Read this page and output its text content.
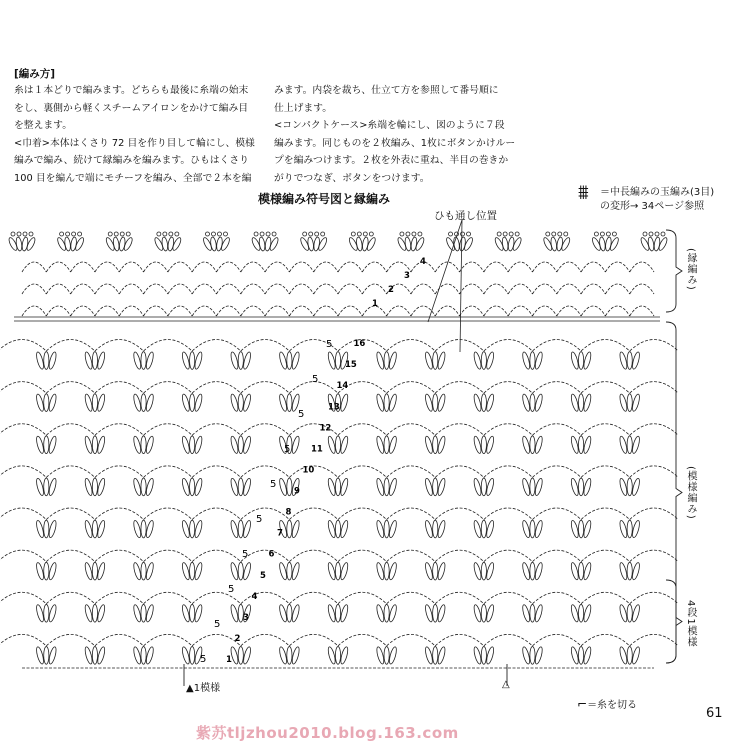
[編み方]

糸は１本どりで編みます。どちらも最後に糸端の始末

をし、裏側から軽くスチームアイロンをかけて編み目

を整えます。

<巾着>本体はくさり 72 目を作り目して輪にし、模様

編みで編み、続けて縁編みを編みます。ひもはくさり

100 目を編んで端にモチーフを編み、全部で２本を編

みます。内袋を裁ち、仕立て方を参照して番号順に

仕上げます。

<コンパクトケース>糸端を輪にし、図のように７段

編みます。同じものを２枚編み、1枚にボタンかけルー

プを編みつけます。２枚を外表に重ね、半目の巻きか

がりでつなぎ、ボタンをつけます。

模様編み符号図と縁編み
1
2
3
4
5
6
7
8
9
10
11
12
13
14
15
16
1
2
3
4
5
5
5
5
5
5
5
5
5
5
⩩ ＝中長編みの玉編み(3目)
の変形→ 34ページ参照
ひも通し位置
(縁編み)
(模様編み)
4段1模様
▲1模様	△
⌐＝糸を切る
61
紫苏tljzhou2010.blog.163.com
